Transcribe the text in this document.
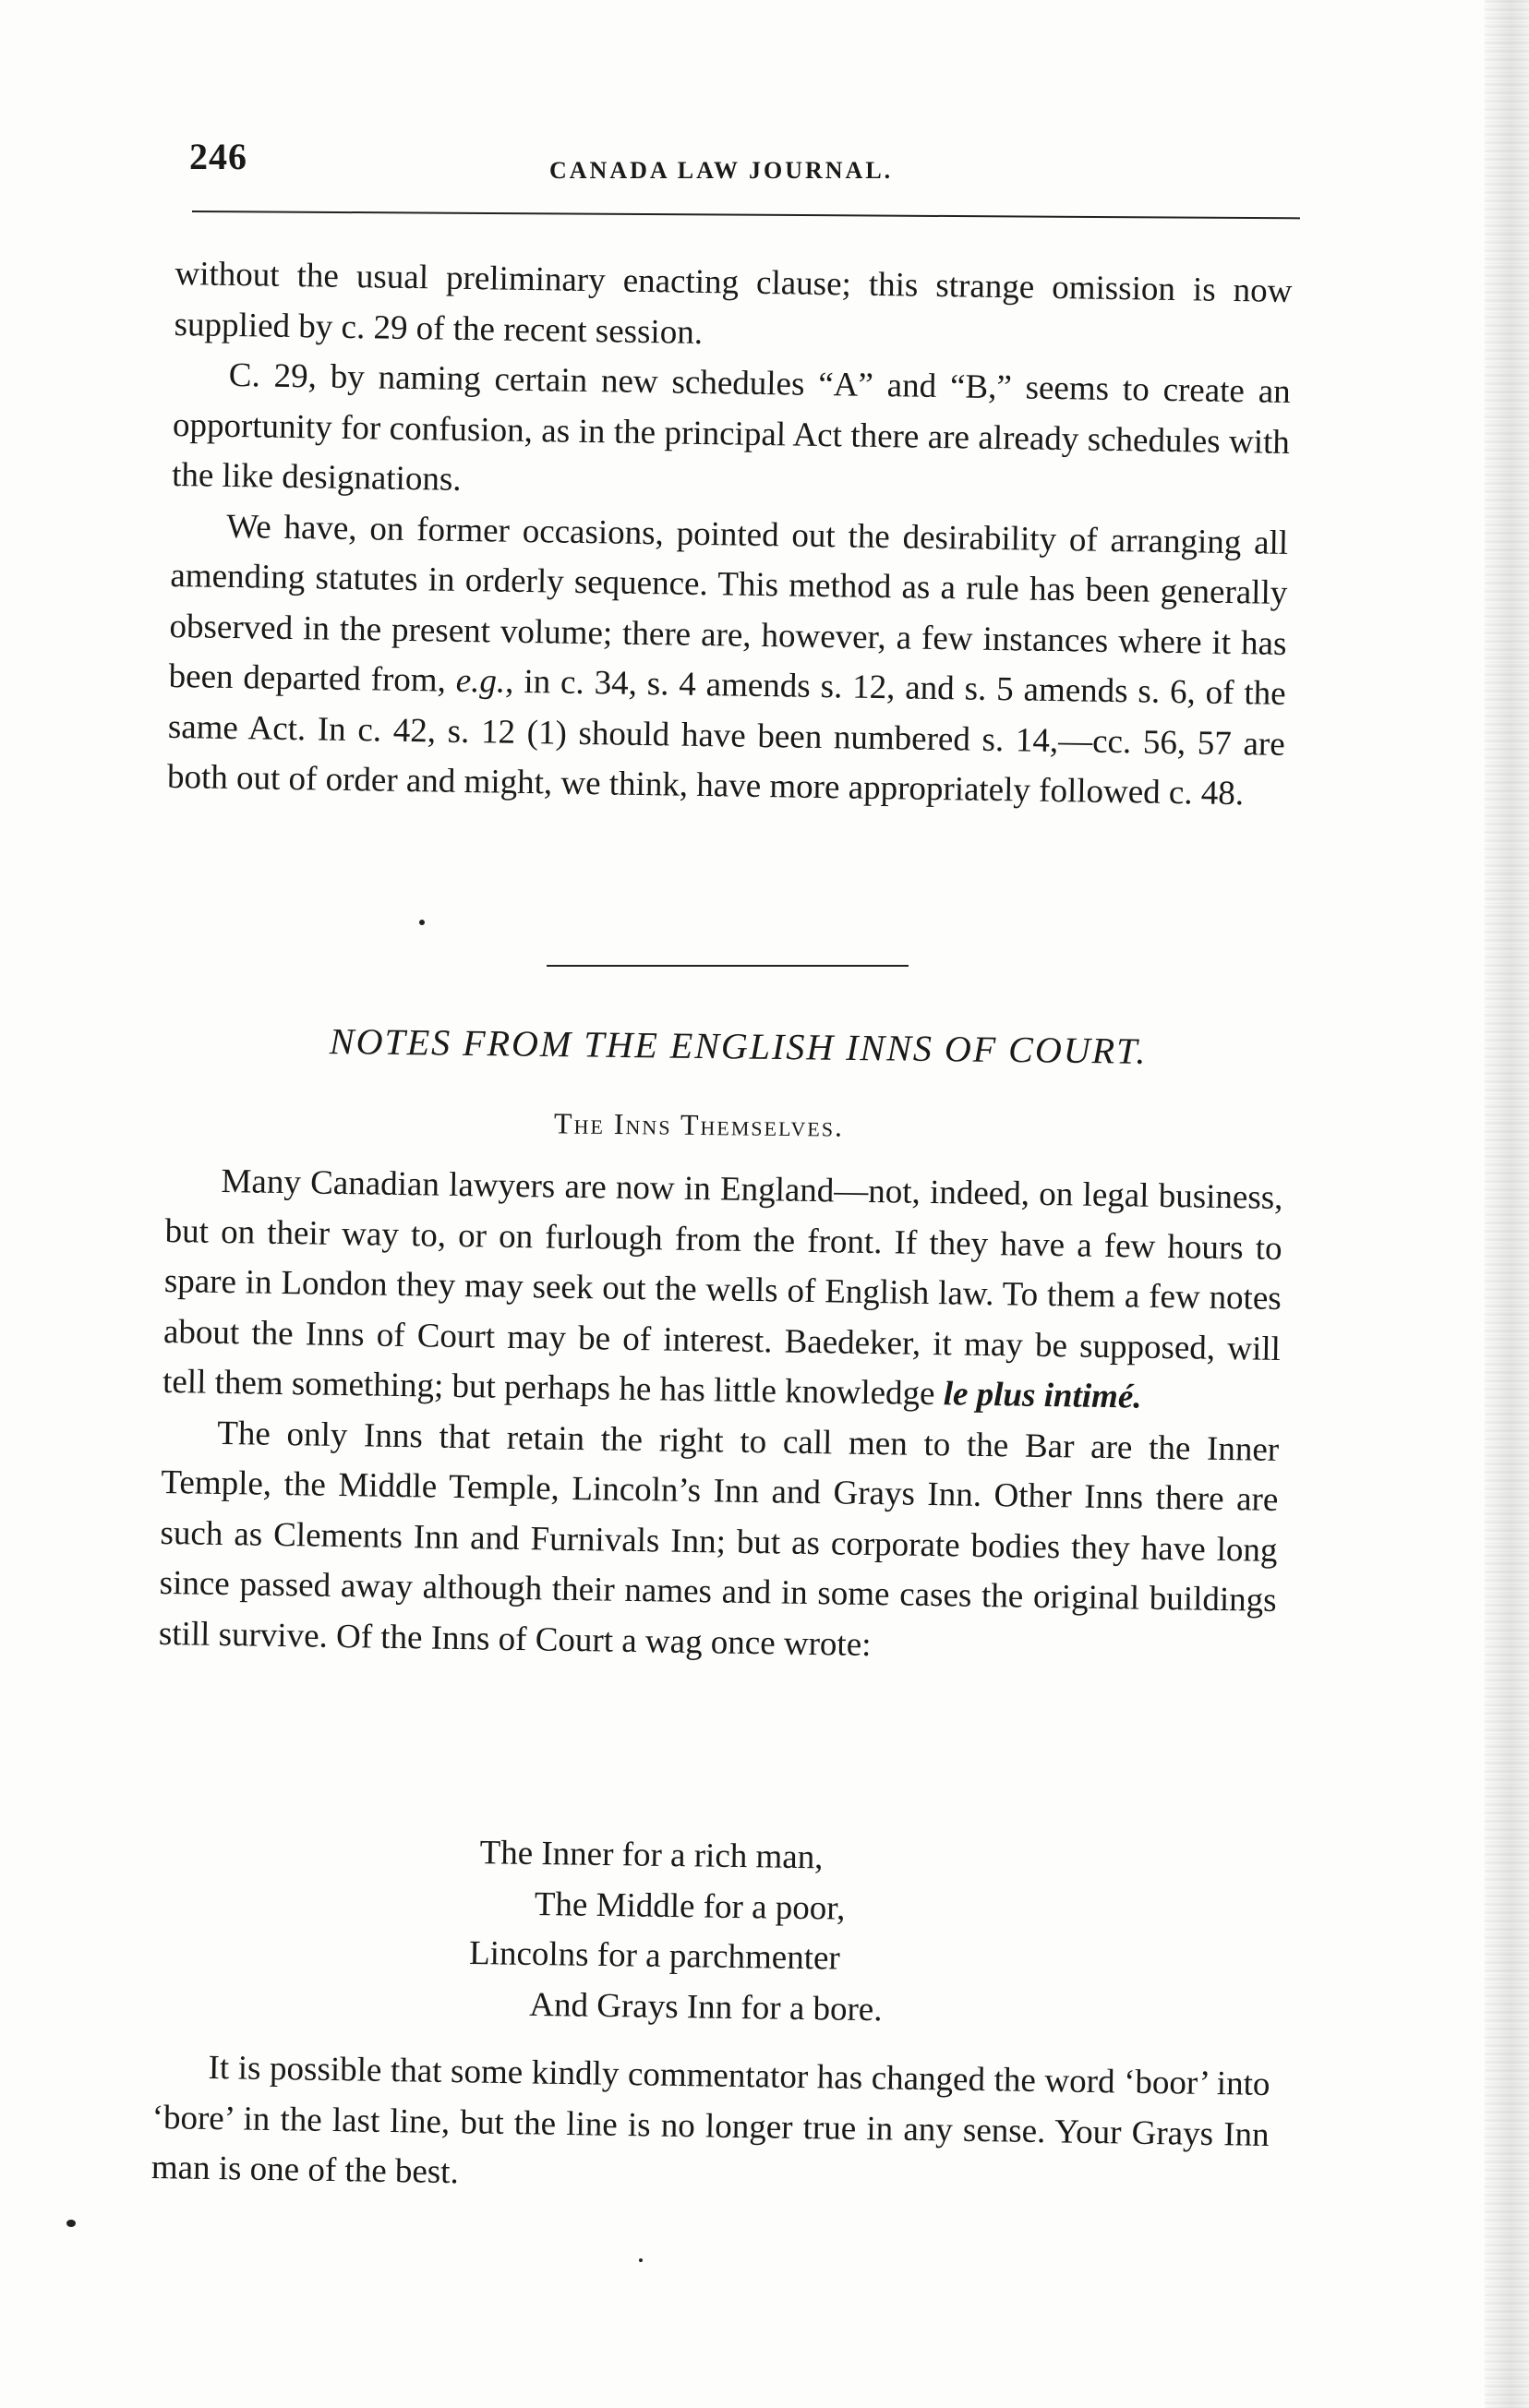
246	CANADA LAW JOURNAL.

without the usual preliminary enacting clause; this strange omission is now supplied by c. 29 of the recent session.

C. 29, by naming certain new schedules “A” and “B,” seems to create an opportunity for confusion, as in the principal Act there are already schedules with the like designations.

We have, on former occasions, pointed out the desirability of arranging all amending statutes in orderly sequence. This method as a rule has been generally observed in the present volume; there are, however, a few instances where it has been departed from, e.g., in c. 34, s. 4 amends s. 12, and s. 5 amends s. 6, of the same Act. In c. 42, s. 12 (1) should have been numbered s. 14,—cc. 56, 57 are both out of order and might, we think, have more appropriately followed c. 48.

NOTES FROM THE ENGLISH INNS OF COURT.
The Inns Themselves.

Many Canadian lawyers are now in England—not, indeed, on legal business, but on their way to, or on furlough from the front. If they have a few hours to spare in London they may seek out the wells of English law. To them a few notes about the Inns of Court may be of interest. Baedeker, it may be supposed, will tell them something; but perhaps he has little knowledge le plus intimé.

The only Inns that retain the right to call men to the Bar are the Inner Temple, the Middle Temple, Lincoln’s Inn and Grays Inn. Other Inns there are such as Clements Inn and Furnivals Inn; but as corporate bodies they have long since passed away although their names and in some cases the original buildings still survive. Of the Inns of Court a wag once wrote:

The Inner for a rich man,
The Middle for a poor,
Lincolns for a parchmenter
And Grays Inn for a bore.

It is possible that some kindly commentator has changed the word ‘boor’ into ‘bore’ in the last line, but the line is no longer true in any sense. Your Grays Inn man is one of the best.
